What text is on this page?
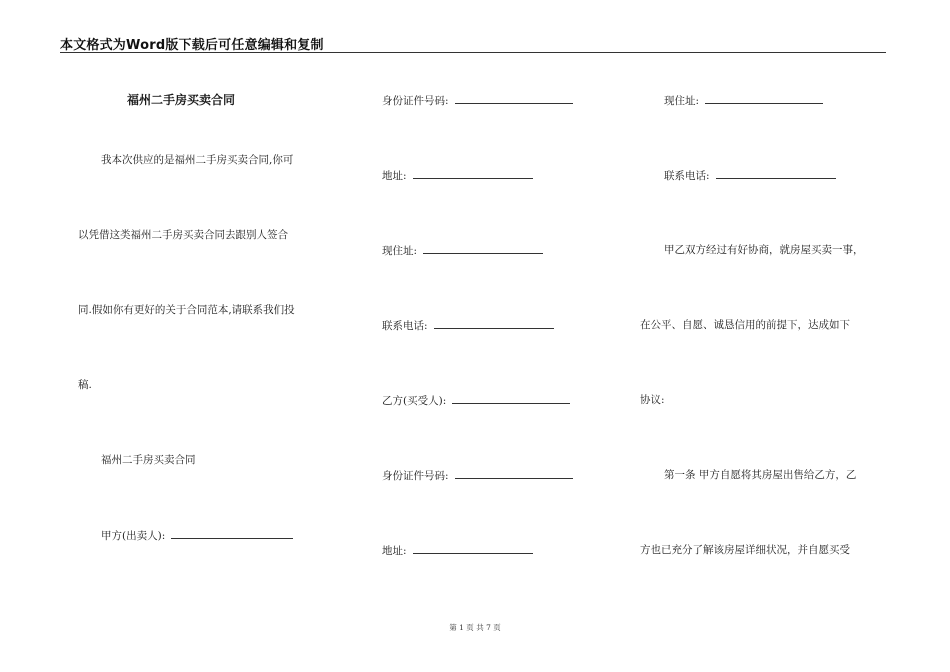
本文格式为Word版下载后可任意编辑和复制
福州二手房买卖合同
我本次供应的是福州二手房买卖合同,你可
以凭借这类福州二手房买卖合同去跟别人签合
同.假如你有更好的关于合同范本,请联系我们投
稿.
福州二手房买卖合同
甲方(出卖人):
身份证件号码:
地址:
现住址:
联系电话:
乙方(买受人):
身份证件号码:
地址:
现住址:
联系电话:
甲乙双方经过有好协商，就房屋买卖一事，
在公平、自愿、诚恳信用的前提下，达成如下
协议:
第一条 甲方自愿将其房屋出售给乙方，乙
方也已充分了解该房屋详细状况，并自愿买受
第 1 页 共 7 页
